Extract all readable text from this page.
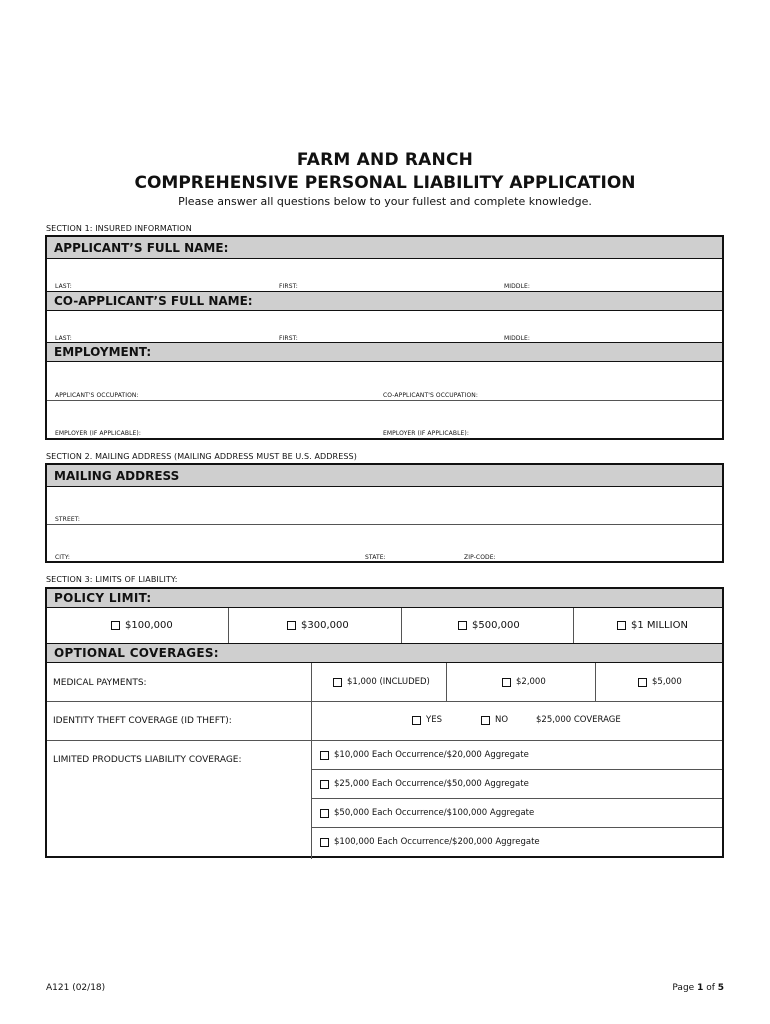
FARM AND RANCH
COMPREHENSIVE PERSONAL LIABILITY APPLICATION
Please answer all questions below to your fullest and complete knowledge.
SECTION 1: INSURED INFORMATION
APPLICANT’S FULL NAME:
LAST:	FIRST:	MIDDLE:
CO-APPLICANT’S FULL NAME:
LAST:	FIRST:	MIDDLE:
EMPLOYMENT:
APPLICANT'S OCCUPATION:	CO-APPLICANT'S OCCUPATION:
EMPLOYER (IF APPLICABLE):	EMPLOYER (IF APPLICABLE):
SECTION 2. MAILING ADDRESS (MAILING ADDRESS MUST BE U.S. ADDRESS)
MAILING ADDRESS
STREET:
CITY:	STATE:	ZIP-CODE:
SECTION 3: LIMITS OF LIABILITY:
POLICY LIMIT:
$100,000	$300,000	$500,000	$1 MILLION
OPTIONAL COVERAGES:
MEDICAL PAYMENTS:	$1,000 (INCLUDED)	$2,000	$5,000
IDENTITY THEFT COVERAGE (ID THEFT):	YES	NO	$25,000 COVERAGE
LIMITED PRODUCTS LIABILITY COVERAGE:	$10,000 Each Occurrence/$20,000 Aggregate
$25,000 Each Occurrence/$50,000 Aggregate
$50,000 Each Occurrence/$100,000 Aggregate
$100,000 Each Occurrence/$200,000 Aggregate
A121 (02/18)	Page 1 of 5
